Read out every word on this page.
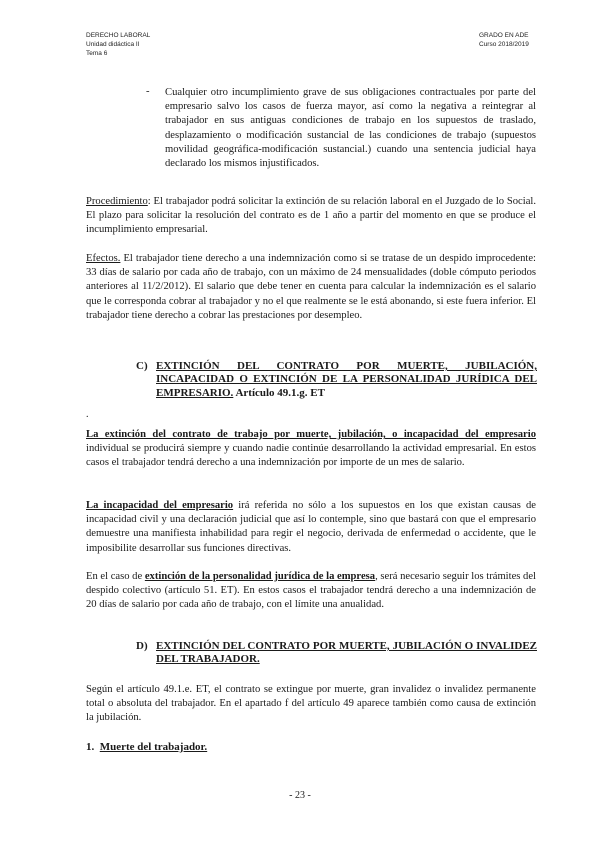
DERECHO LABORAL
Unidad didáctica II
Tema 6
GRADO EN ADE
Curso 2018/2019
-	Cualquier otro incumplimiento grave de sus obligaciones contractuales por parte del empresario salvo los casos de fuerza mayor, así como la negativa a reintegrar al trabajador en sus antiguas condiciones de trabajo en los supuestos de traslado, desplazamiento o modificación sustancial de las condiciones de trabajo (supuestos movilidad geográfica-modificación sustancial.) cuando una sentencia judicial haya declarado los mismos injustificados.
Procedimiento: El trabajador podrá solicitar la extinción de su relación laboral en el Juzgado de lo Social. El plazo para solicitar la resolución del contrato es de 1 año a partir del momento en que se produce el incumplimiento empresarial.
Efectos. El trabajador tiene derecho a una indemnización como si se tratase de un despido improcedente: 33 días de salario por cada año de trabajo, con un máximo de 24 mensualidades (doble cómputo periodos anteriores al 11/2/2012). El salario que debe tener en cuenta para calcular la indemnización es el salario que le corresponda cobrar al trabajador y no el que realmente se le está abonando, si este fuera inferior. El trabajador tiene derecho a cobrar las prestaciones por desempleo.
C) EXTINCIÓN DEL CONTRATO POR MUERTE, JUBILACIÓN, INCAPACIDAD O EXTINCIÓN DE LA PERSONALIDAD JURÍDICA DEL EMPRESARIO. Artículo 49.1.g. ET
.
La extinción del contrato de trabajo por muerte, jubilación, o incapacidad del empresario individual se producirá siempre y cuando nadie continúe desarrollando la actividad empresarial. En estos casos el trabajador tendrá derecho a una indemnización por importe de un mes de salario.
La incapacidad del empresario irá referida no sólo a los supuestos en los que existan causas de incapacidad civil y una declaración judicial que así lo contemple, sino que bastará con que el empresario demuestre una manifiesta inhabilidad para regir el negocio, derivada de enfermedad o accidente, que le imposibilite desarrollar sus funciones directivas.
En el caso de extinción de la personalidad jurídica de la empresa, será necesario seguir los trámites del despido colectivo (artículo 51. ET). En estos casos el trabajador tendrá derecho a una indemnización de 20 días de salario por cada año de trabajo, con el límite una anualidad.
D) EXTINCIÓN DEL CONTRATO POR MUERTE, JUBILACIÓN O INVALIDEZ DEL TRABAJADOR.
Según el artículo 49.1.e. ET, el contrato se extingue por muerte, gran invalidez o invalidez permanente total o absoluta del trabajador. En el apartado f del artículo 49 aparece también como causa de extinción la jubilación.
1. Muerte del trabajador.
- 23 -
